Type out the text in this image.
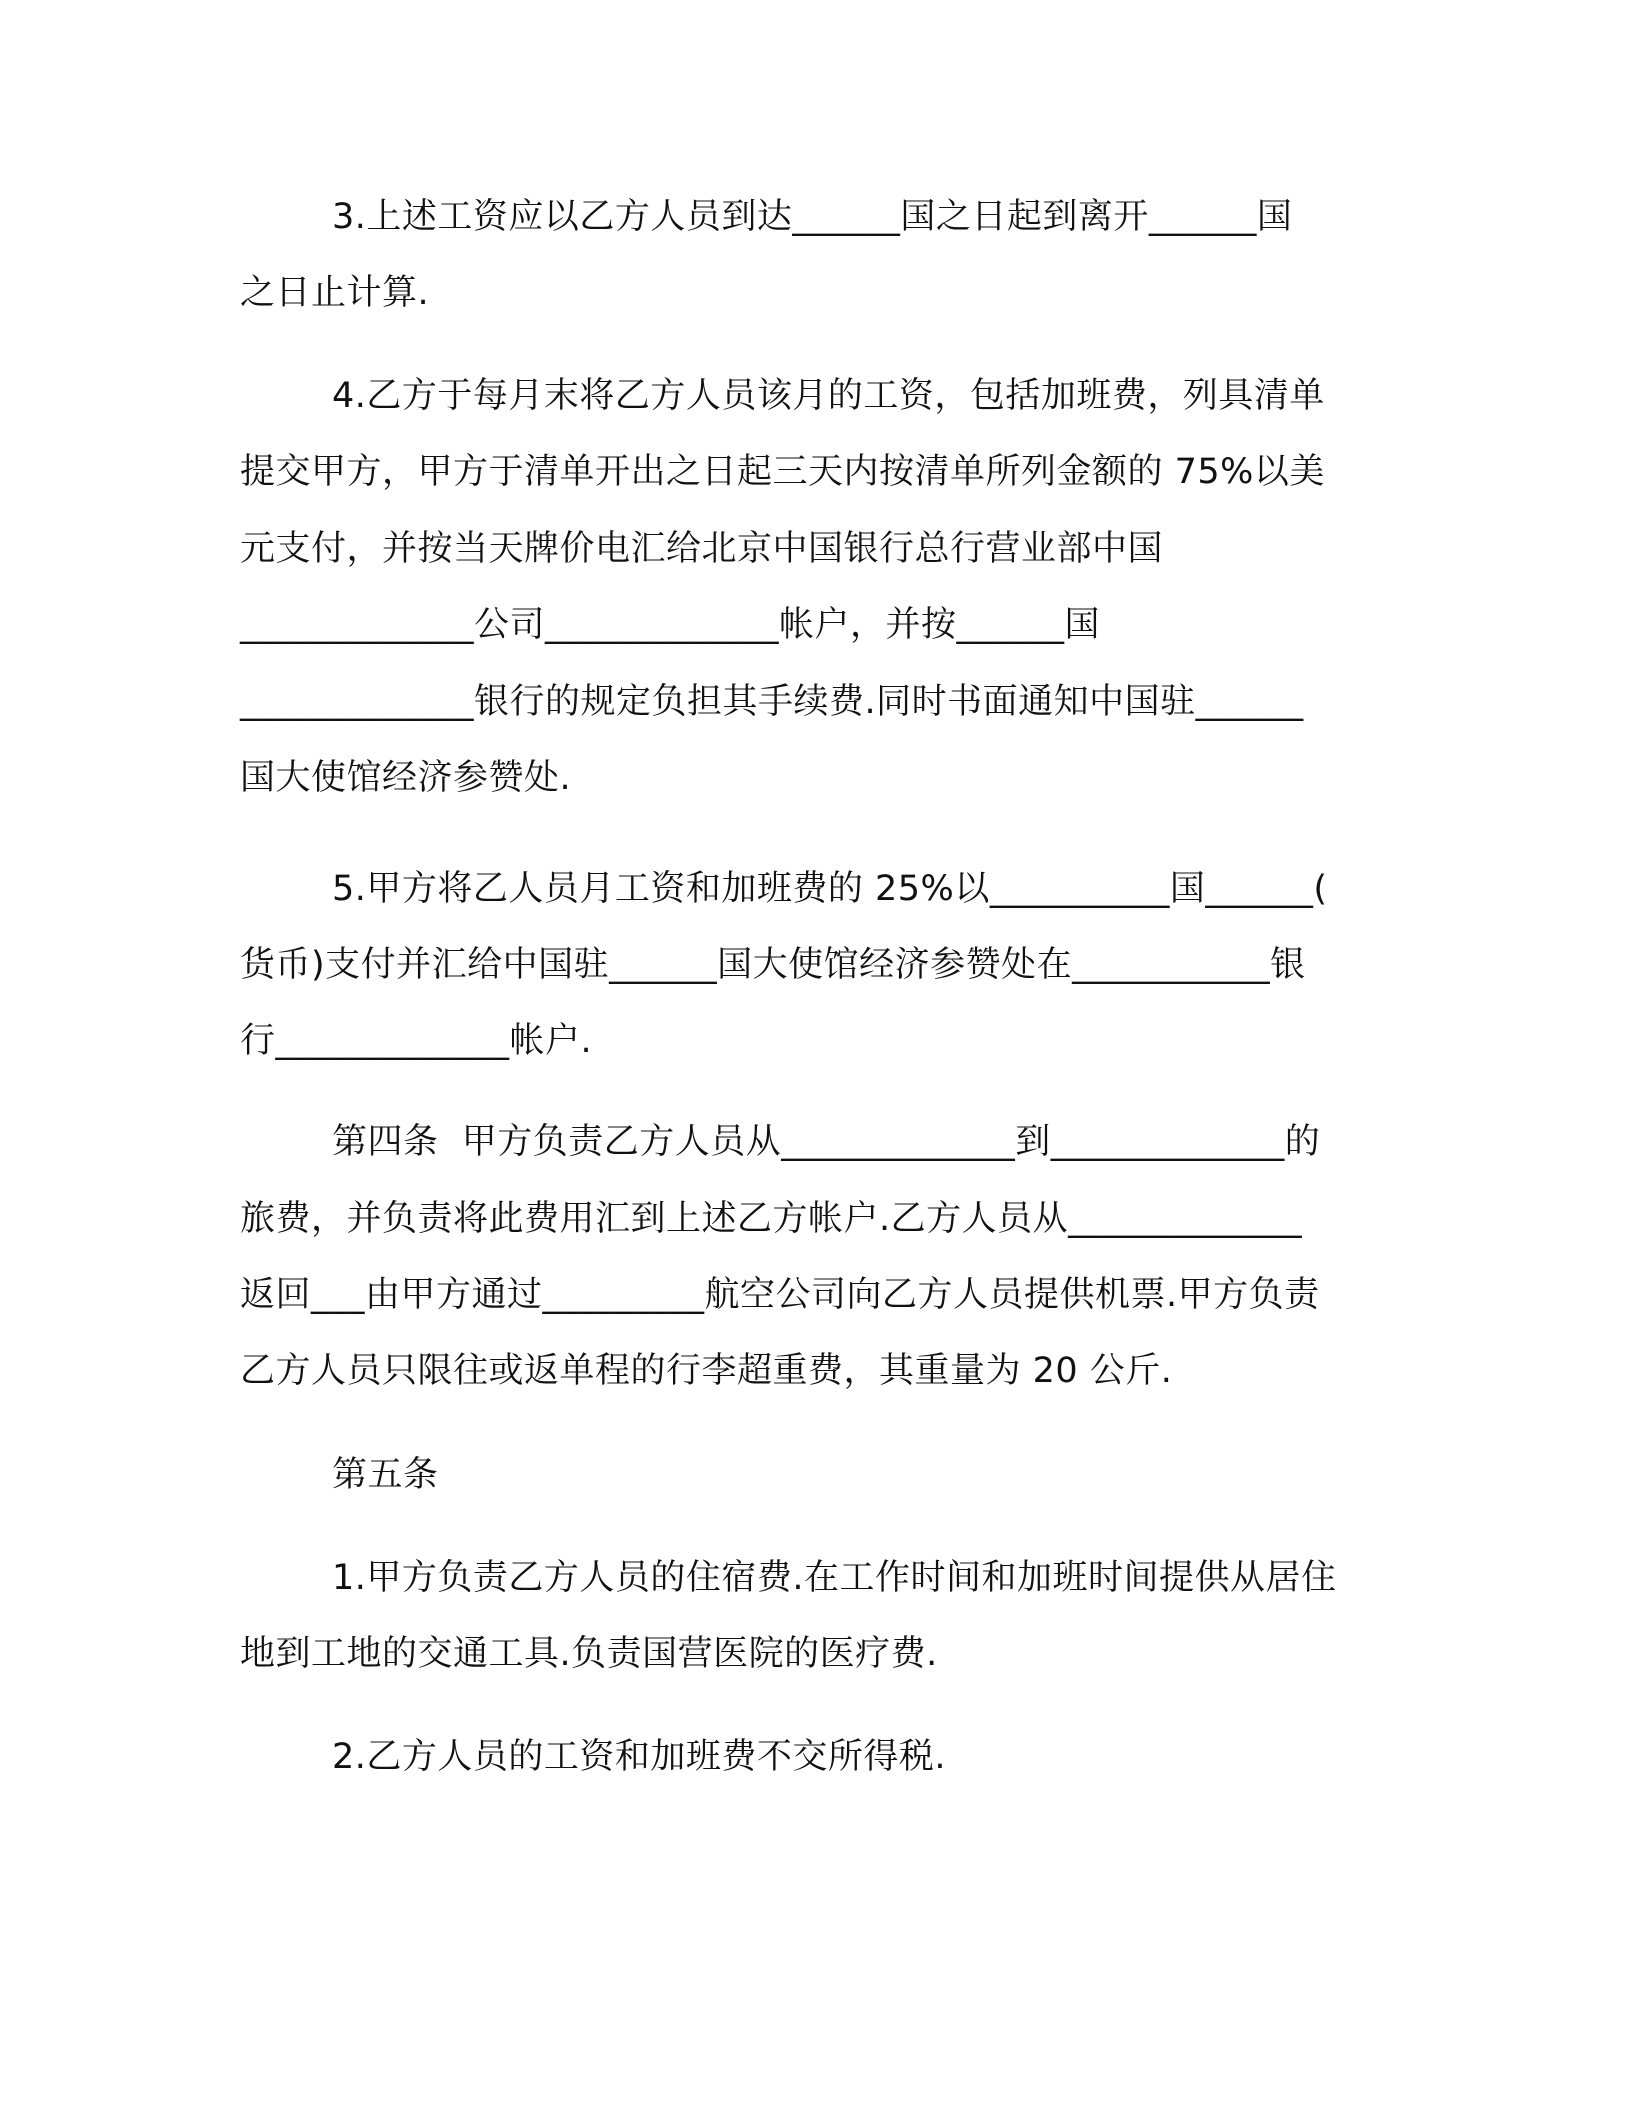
3.上述工资应以乙方人员到达______国之日起到离开______国
之日止计算.
4.乙方于每月末将乙方人员该月的工资，包括加班费，列具清单
提交甲方，甲方于清单开出之日起三天内按清单所列金额的 75%以美
元支付，并按当天牌价电汇给北京中国银行总行营业部中国
_____________公司_____________帐户，并按______国
_____________银行的规定负担其手续费.同时书面通知中国驻______
国大使馆经济参赞处.
5.甲方将乙人员月工资和加班费的 25%以__________国______(
货币)支付并汇给中国驻______国大使馆经济参赞处在___________银
行_____________帐户.
第四条  甲方负责乙方人员从_____________到_____________的
旅费，并负责将此费用汇到上述乙方帐户.乙方人员从_____________
返回___由甲方通过_________航空公司向乙方人员提供机票.甲方负责
乙方人员只限往或返单程的行李超重费，其重量为 20 公斤.
第五条
1.甲方负责乙方人员的住宿费.在工作时间和加班时间提供从居住
地到工地的交通工具.负责国营医院的医疗费.
2.乙方人员的工资和加班费不交所得税.
